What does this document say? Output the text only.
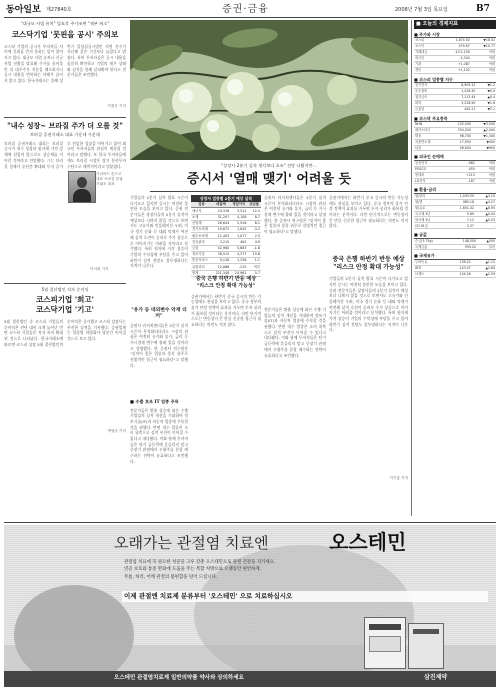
동아일보 제27840호	증권·금융	2008년 7월 3일 목요일	B7
"대규모 사업 유치" 빌표후 주가조변 "제부 허소"
코스닥기업 '뭇핀을 공시' 주의보
코스닥 기업의 공시가 투자자들 사이에 신뢰를 얻지 못하는 일이 잦아지고 있다. 대규모 사업 유치나 신규사업 진출을 발표해 주가를 끌어올린 뒤 대주주가 지분을 매도하거나 공시 내용을 번복하는 사례가 끊이지 않고 있다. 한국거래소는 올해 상반기 불성실공시법인 지정 건수가 지난해 같은 기간보다 늘었다고 밝혔다. 특히 투자자들은 공시 내용을 꼼꼼히 확인하고 기업의 재무 상태와 실적을 함께 살펴봐야 한다고 전문가들은 조언했다.
이정은 기자
"내수 성장~ 브라질 주가 더 오를 것"
브라질 증권거래소 대표 가운데 가운데
브라질 증권거래소 대표는 브라질 증시가 내수 성장과 원자재 가격 강세에 힘입어 앞으로도 상승세를 이어갈 것이라고 전망했다. 그는 브라질 경제가 중산층 확대와 투자 증가로 견실한 성장을 이어가고 있어 외국인 투자자들의 관심이 계속될 것이라고 말했다. 또 한국 투자자들에게도 브라질 시장은 장기 분산투자 수단으로 매력적이라고 덧붙였다.
가리야드 킨드르 대표 브라질 증권거래소 대표
이서희 기자
5월 결산법인 적자 순이익
코스피기업 '희고'
코스닥기업 '기고'
5월 결산법인 중 코스피 기업들의 순이익은 전년 대비 크게 늘어난 반면 코스닥 기업들은 적자 폭이 확대된 것으로 나타났다. 한국거래소에 따르면 코스피 상장 5월 결산법인의 순이익은 증가했고 코스닥 상장사는 부진한 실적을 기록했다. 증권업계는 업종별 차별화가 당분간 이어질 것으로 보고 있다.
박형준 기자
"상장사 2분기 실적 생각보다 호조" 전망 나왔지만…
증시서 '열매 맺기' 어려울 듯
기업들의 2분기 실적 발표 시즌이 다가오고 있지만 증시는 여전히 불안한 모습을 보이고 있다. 증권 전문가들은 상장사들의 2분기 실적이 예상보다 나쁘지 않을 것으로 보면서도 고유가와 인플레이션 우려, 미국 경기 둔화 등 대외 악재가 여전해 실적 호전이 곧바로 주가 상승으로 이어지기는 어려울 것이라고 분석했다. 특히 원자재 가격 상승이 기업의 수익성에 부담을 주고 있어 하반기 실적 전망도 불투명하다는 지적이 나온다.
"유가 등 대외변수 악재 더 커"
증권사 리서치센터들은 2분기 실적 시즌이 본격화되더라도 시장의 관심은 여전히 유가와 물가, 금리 등 거시경제 변수에 쏠려 있을 것이라고 설명했다. 한 증권사 연구원은 "실적이 좋은 업종과 종목 위주로 선별적인 접근이 필요하다"고 말했다.
■ 수출 호조 IT 업종 주목
전문가들은 환율 상승에 따른 수출 기업들의 실적 개선을 기대하며 정보기술(IT)과 자동차 업종에 주목할 것을 권했다. 반면 내수 업종은 소비 위축으로 실적 부진이 이어질 수 있다고 내다봤다. 이와 함께 투자자들은 단기 급등락에 흔들리지 말고 중장기 관점에서 우량주를 분할 매수하는 전략이 유효하다고 조언했다.
상장사 업종별 2분기 예상 실적
업종	매출액	영업이익	증감률
에너지	24,318	3,512	12.4
소재	31,207	4,108	8.7
산업재	28,644	2,916	6.1
경기소비재	19,872	1,845	-3.2
필수소비재	11,403	1,077	2.5
건강관리	3,215	402	4.9
금융	42,980	5,683	-1.8
정보기술	38,515	4,377	15.6
통신서비스	9,128	1,256	1.1
유틸리티	12,066	-215	적전
합계	221,348	24,961	5.7
중국 은행 하반기 반등 예상
"리스크 안정 확대 가능성"
증권가에서는 하반기 중국 증시의 반등 가능성에도 관심을 보이고 있다. 중국 정부의 물가 안정 정책이 효과를 거두면 투자 심리가 회복될 것이라는 분석이다. 다만 단기적으로는 변동성이 큰 만큼 신중한 접근이 필요하다는 의견도 적지 않다.
증권사 리서치센터들은 2분기 실적 시즌이 본격화되더라도 시장의 관심은 여전히 유가와 물가, 금리 등 거시경제 변수에 쏠려 있을 것이라고 설명했다. 한 증권사 연구원은 "실적이 좋은 업종과 종목 위주로 선별적인 접근이 필요하다"고 말했다.
전문가들은 환율 상승에 따른 수출 기업들의 실적 개선을 기대하며 정보기술(IT)과 자동차 업종에 주목할 것을 권했다. 반면 내수 업종은 소비 위축으로 실적 부진이 이어질 수 있다고 내다봤다. 이와 함께 투자자들은 단기 급등락에 흔들리지 말고 중장기 관점에서 우량주를 분할 매수하는 전략이 유효하다고 조언했다.
증권가에서는 하반기 중국 증시의 반등 가능성에도 관심을 보이고 있다. 중국 정부의 물가 안정 정책이 효과를 거두면 투자 심리가 회복될 것이라는 분석이다. 다만 단기적으로는 변동성이 큰 만큼 신중한 접근이 필요하다는 의견도 적지 않다.
중국 은행 하반기 반등 예상
"리스크 안정 확대 가능성"
기업들의 2분기 실적 발표 시즌이 다가오고 있지만 증시는 여전히 불안한 모습을 보이고 있다. 증권 전문가들은 상장사들의 2분기 실적이 예상보다 나쁘지 않을 것으로 보면서도 고유가와 인플레이션 우려, 미국 경기 둔화 등 대외 악재가 여전해 실적 호전이 곧바로 주가 상승으로 이어지기는 어려울 것이라고 분석했다. 특히 원자재 가격 상승이 기업의 수익성에 부담을 주고 있어 하반기 실적 전망도 불투명하다는 지적이 나온다.
이기홍 기자
■ 오늘의 경제지표
■ 주가와 시장
코스피	1,674.92	▼18.52
코스닥	579.67	▼10.77
거래대금	4조2,150	억원
외국인	-2,344	억원
기관	+1,087	억원
개인	+1,102	억원
■ 코스피 업종별 지수
전기전자	6,905.12	▼1.2
운수장비	1,418.30	▼0.9
철강금속	7,112.44	▲0.4
화학	3,228.90	▼1.6
금융업	445.21	▼2.1
■ 코스닥 주요종목
NHN	152,000	▼3,500
메가스터디	334,500	▲2,000
태웅	98,700	▼1,300
서울반도체	17,950	▼450
다음	56,600	▼900
■ 외국인 순매매
삼성전자	-982	억원
POSCO	-455	억원
현대차	+213	억원
LG전자	-187	억원
■ 환율·금리
원/달러	1,045.50	▲3.10
원/엔	985.18	▲4.27
원/유로	1,651.42	▲6.95
국고채 3년	5.89	▲0.04
회사채 3년	7.12	▲0.03
CD 91일	5.37	-
■ 금값
순금(3.75g)	148,500	▲500
국제금값	935.20	달러
■ 국제유가
두바이유	136.22	▲1.15
WTI	143.57	▲2.60
브렌트	144.26	▲2.59
오래가는 관절염 치료엔	오스테민
관절염 치료에 꼭 필요한 성분을 고루 갖춘 오스테민으로 관절 건강을 지키세요.
연골 보호와 통증 완화에 도움을 주는 복합 처방으로 오랫동안 편안하게.
무릎, 허리, 어깨 관절의 불편함을 덜어 드립니다.
이제 관절엔 치료제 분류부터 '오스테민' 으로 치료하십시오
오스테민 관절염치료제 일반의약품 약사와 상의하세요	삼진제약
